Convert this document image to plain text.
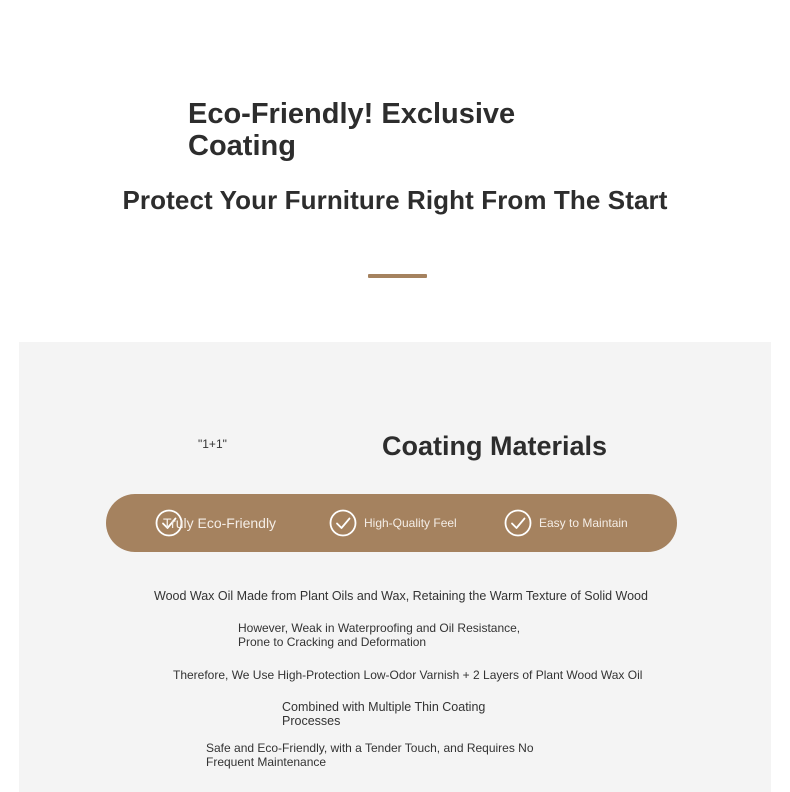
Eco-Friendly! Exclusive Coating
Protect Your Furniture Right From The Start
"1+1"	Coating Materials
Truly Eco-Friendly	High-Quality Feel	Easy to Maintain

Wood Wax Oil Made from Plant Oils and Wax, Retaining the Warm Texture of Solid Wood

However, Weak in Waterproofing and Oil Resistance, Prone to Cracking and Deformation

Therefore, We Use High-Protection Low-Odor Varnish + 2 Layers of Plant Wood Wax Oil

Combined with Multiple Thin Coating Processes

Safe and Eco-Friendly, with a Tender Touch, and Requires No Frequent Maintenance
